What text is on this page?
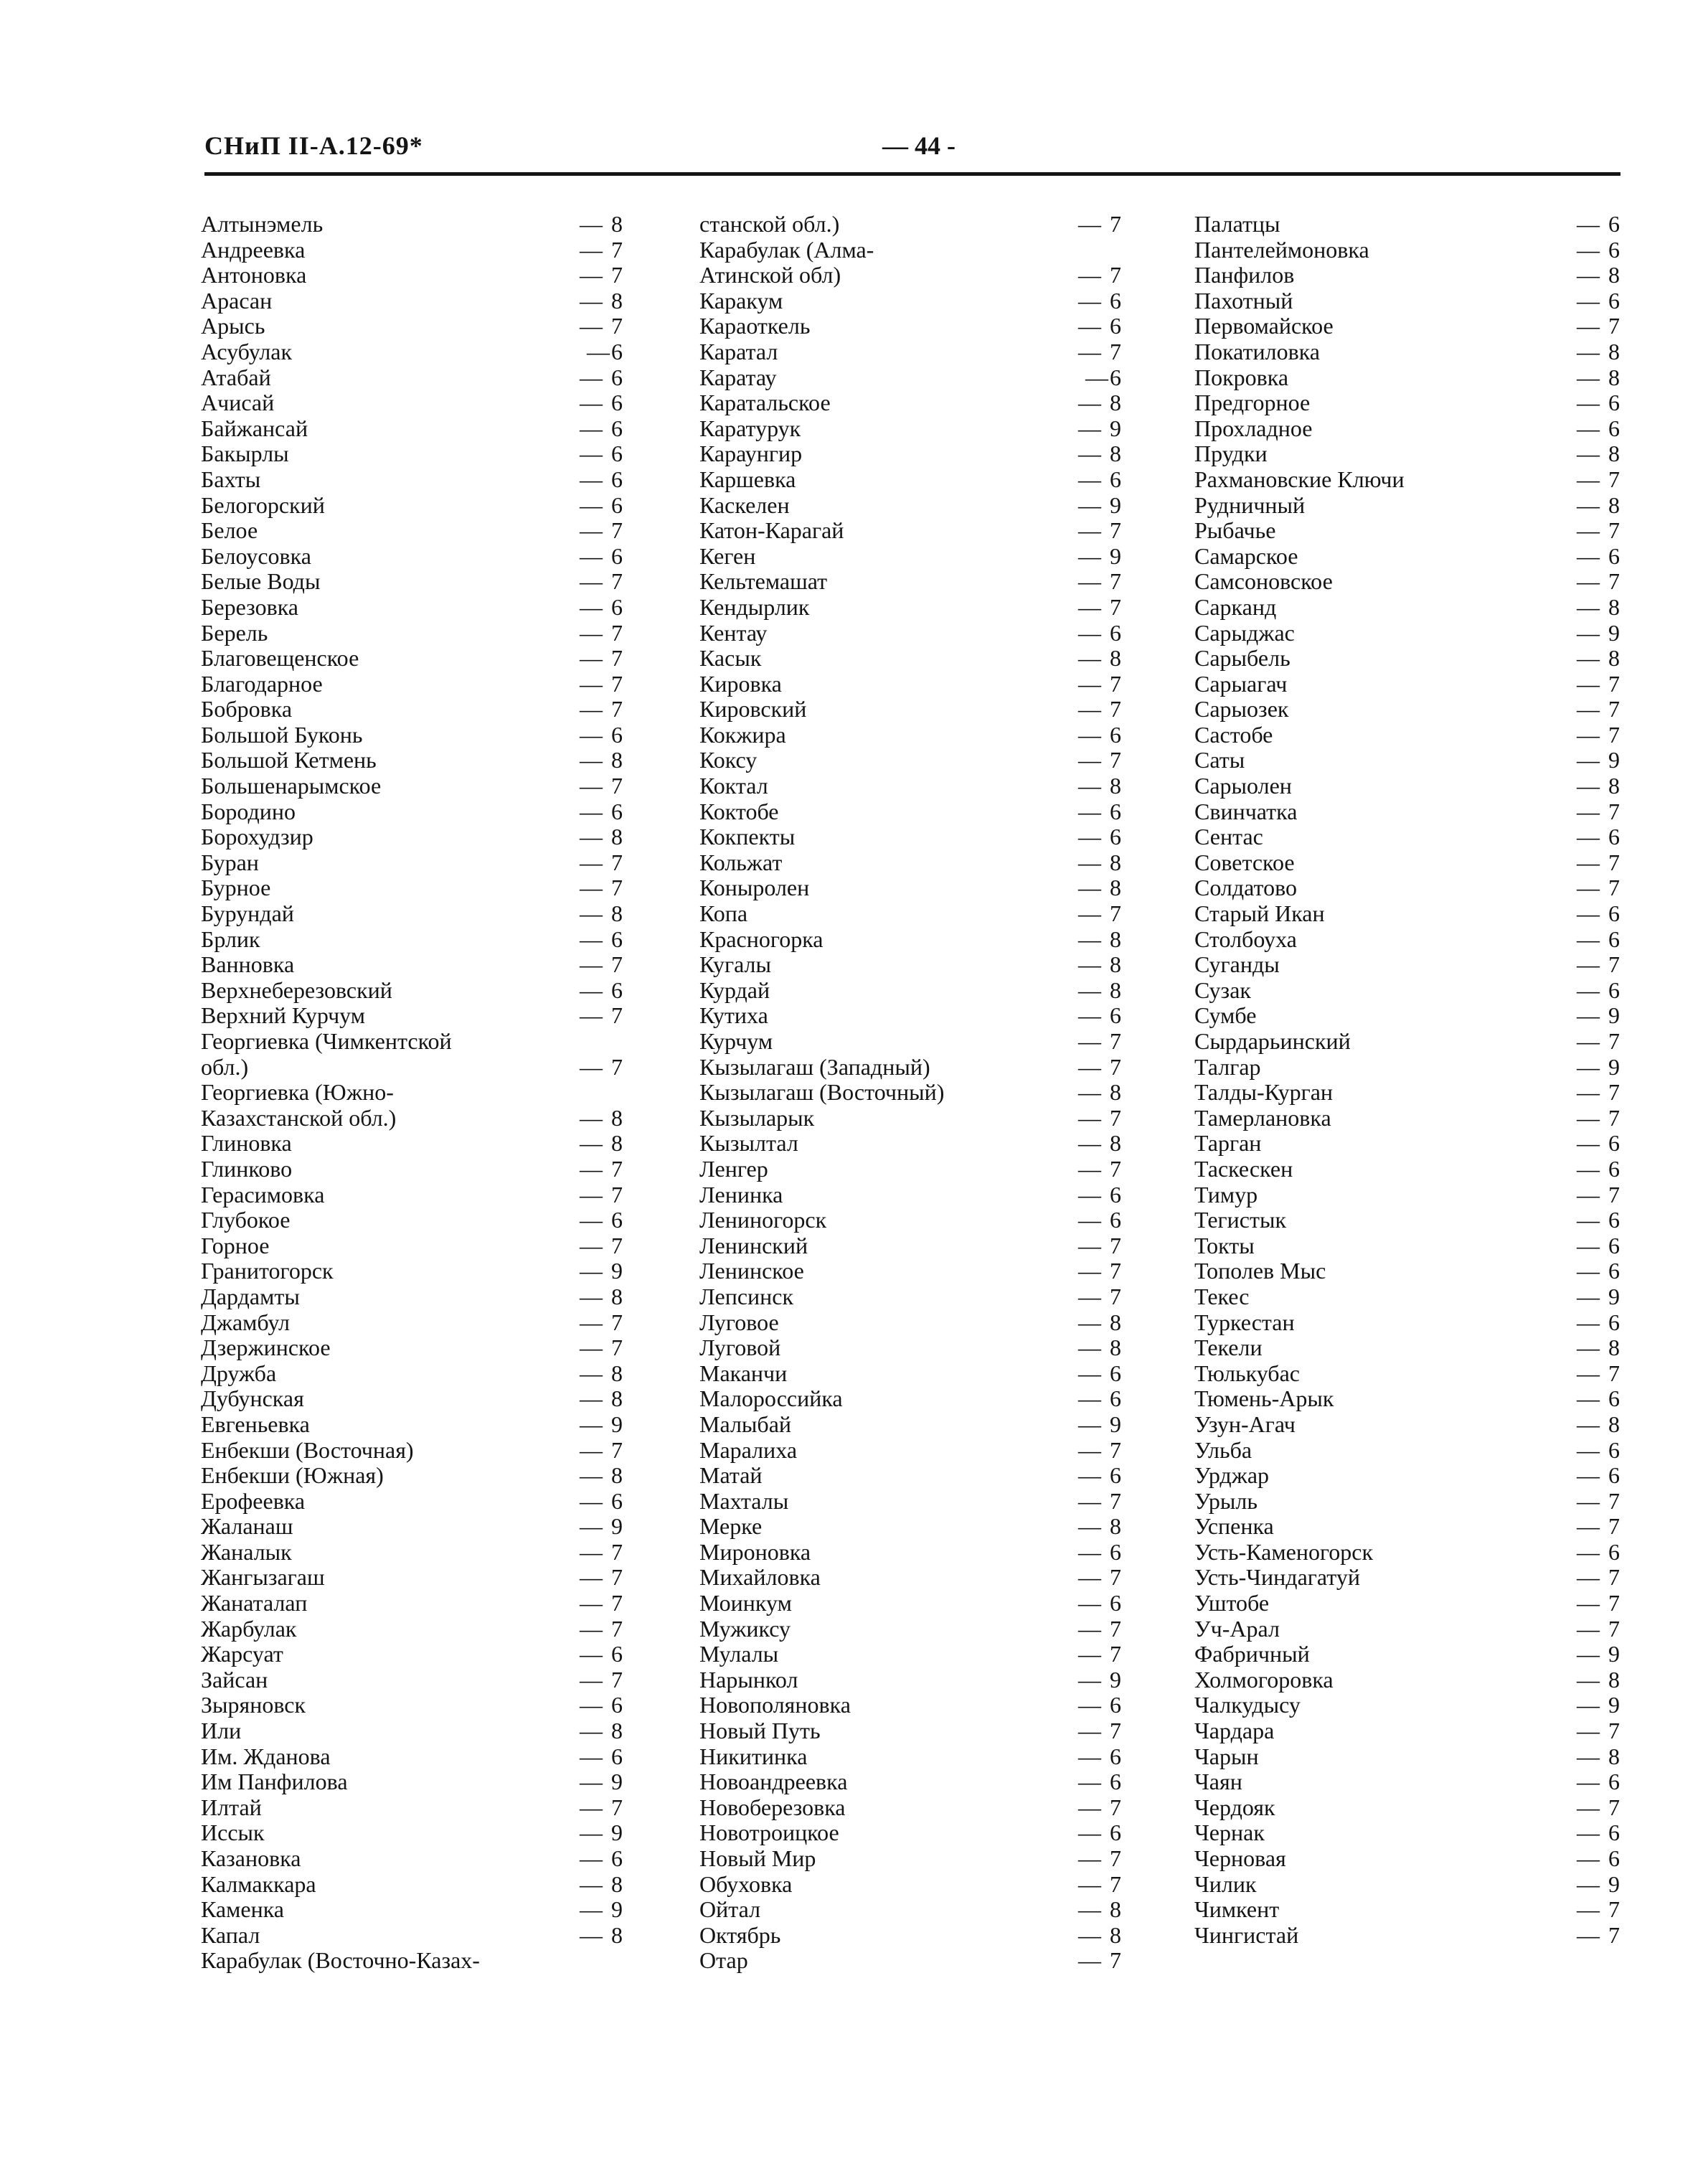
СНиП II-А.12-69*	— 44 -
Алтынэмель	— 8
Андреевка	— 7
Антоновка	— 7
Арасан	— 8
Арысь	— 7
Асубулак	—6
Атабай	— 6
Ачисай	— 6
Байжансай	— 6
Бакырлы	— 6
Бахты	— 6
Белогорский	— 6
Белое	— 7
Белоусовка	— 6
Белые Воды	— 7
Березовка	— 6
Берель	— 7
Благовещенское	— 7
Благодарное	— 7
Бобровка	— 7
Большой Буконь	— 6
Большой Кетмень	— 8
Большенарымское	— 7
Бородино	— 6
Борохудзир	— 8
Буран	— 7
Бурное	— 7
Бурундай	— 8
Брлик	— 6
Ванновка	— 7
Верхнеберезовский	— 6
Верхний Курчум	— 7
Георгиевка (Чимкентской
обл.)	— 7
Георгиевка (Южно-
Казахстанской обл.)	— 8
Глиновка	— 8
Глинково	— 7
Герасимовка	— 7
Глубокое	— 6
Горное	— 7
Гранитогорск	— 9
Дардамты	— 8
Джамбул	— 7
Дзержинское	— 7
Дружба	— 8
Дубунская	— 8
Евгеньевка	— 9
Енбекши (Восточная)	— 7
Енбекши (Южная)	— 8
Ерофеевка	— 6
Жаланаш	— 9
Жаналык	— 7
Жангызагаш	— 7
Жанаталап	— 7
Жарбулак	— 7
Жарсуат	— 6
Зайсан	— 7
Зыряновск	— 6
Или	— 8
Им. Жданова	— 6
Им Панфилова	— 9
Илтай	— 7
Иссык	— 9
Казановка	— 6
Калмаккара	— 8
Каменка	— 9
Капал	— 8
Карабулак (Восточно-Казах-
станской обл.)	— 7
Карабулак (Алма-
Атинской обл)	— 7
Каракум	— 6
Караоткель	— 6
Каратал	— 7
Каратау	—6
Каратальское	— 8
Каратурук	— 9
Караунгир	— 8
Каршевка	— 6
Каскелен	— 9
Катон-Карагай	— 7
Кеген	— 9
Кельтемашат	— 7
Кендырлик	— 7
Кентау	— 6
Касык	— 8
Кировка	— 7
Кировский	— 7
Кокжира	— 6
Коксу	— 7
Коктал	— 8
Коктобе	— 6
Кокпекты	— 6
Кольжат	— 8
Коныролен	— 8
Копа	— 7
Красногорка	— 8
Кугалы	— 8
Курдай	— 8
Кутиха	— 6
Курчум	— 7
Кызылагаш (Западный)	— 7
Кызылагаш (Восточный)	— 8
Кызыларык	— 7
Кызылтал	— 8
Ленгер	— 7
Ленинка	— 6
Лениногорск	— 6
Ленинский	— 7
Ленинское	— 7
Лепсинск	— 7
Луговое	— 8
Луговой	— 8
Маканчи	— 6
Малороссийка	— 6
Малыбай	— 9
Маралиха	— 7
Матай	— 6
Махталы	— 7
Мерке	— 8
Мироновка	— 6
Михайловка	— 7
Моинкум	— 6
Мужиксу	— 7
Мулалы	— 7
Нарынкол	— 9
Новополяновка	— 6
Новый Путь	— 7
Никитинка	— 6
Новоандреевка	— 6
Новоберезовка	— 7
Новотроицкое	— 6
Новый Мир	— 7
Обуховка	— 7
Ойтал	— 8
Октябрь	— 8
Отар	— 7
Палатцы	— 6
Пантелеймоновка	— 6
Панфилов	— 8
Пахотный	— 6
Первомайское	— 7
Покатиловка	— 8
Покровка	— 8
Предгорное	— 6
Прохладное	— 6
Прудки	— 8
Рахмановские Ключи	— 7
Рудничный	— 8
Рыбачье	— 7
Самарское	— 6
Самсоновское	— 7
Сарканд	— 8
Сарыджас	— 9
Сарыбель	— 8
Сарыагач	— 7
Сарыозек	— 7
Састобе	— 7
Саты	— 9
Сарыолен	— 8
Свинчатка	— 7
Сентас	— 6
Советское	— 7
Солдатово	— 7
Старый Икан	— 6
Столбоуха	— 6
Суганды	— 7
Сузак	— 6
Сумбе	— 9
Сырдарьинский	— 7
Талгар	— 9
Талды-Курган	— 7
Тамерлановка	— 7
Тарган	— 6
Таскескен	— 6
Тимур	— 7
Тегистык	— 6
Токты	— 6
Тополев Мыс	— 6
Текес	— 9
Туркестан	— 6
Текели	— 8
Тюлькубас	— 7
Тюмень-Арык	— 6
Узун-Агач	— 8
Ульба	— 6
Урджар	— 6
Урыль	— 7
Успенка	— 7
Усть-Каменогорск	— 6
Усть-Чиндагатуй	— 7
Уштобе	— 7
Уч-Арал	— 7
Фабричный	— 9
Холмогоровка	— 8
Чалкудысу	— 9
Чардара	— 7
Чарын	— 8
Чаян	— 6
Чердояк	— 7
Чернак	— 6
Черновая	— 6
Чилик	— 9
Чимкент	— 7
Чингистай	— 7
